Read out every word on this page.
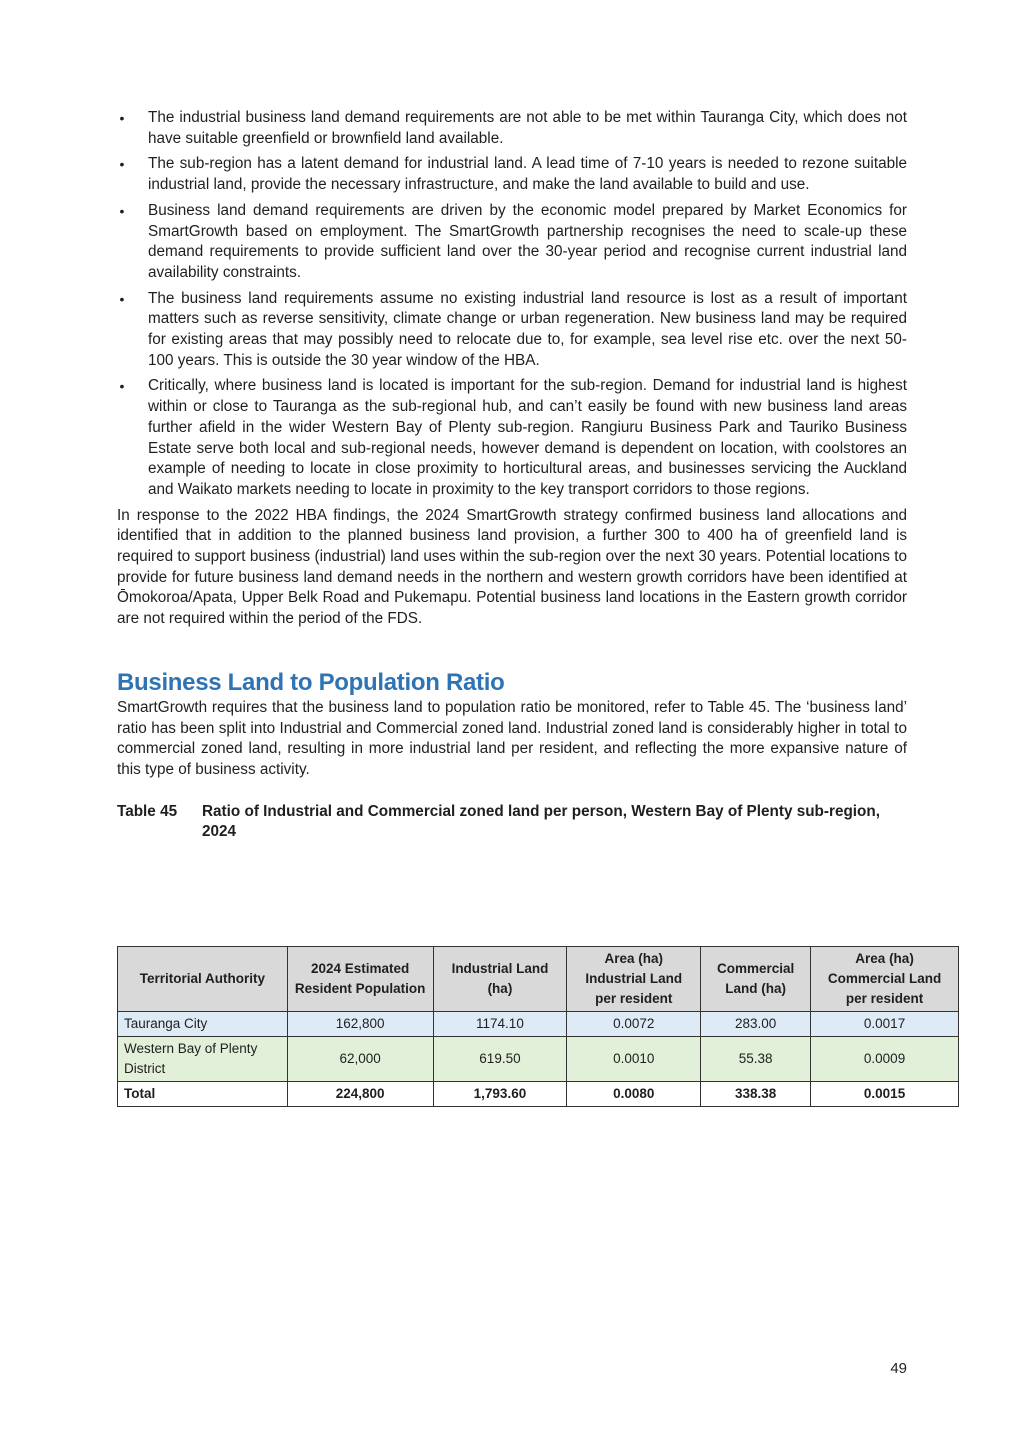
• The industrial business land demand requirements are not able to be met within Tauranga City, which does not have suitable greenfield or brownfield land available.
• The sub-region has a latent demand for industrial land. A lead time of 7-10 years is needed to rezone suitable industrial land, provide the necessary infrastructure, and make the land available to build and use.
• Business land demand requirements are driven by the economic model prepared by Market Economics for SmartGrowth based on employment. The SmartGrowth partnership recognises the need to scale-up these demand requirements to provide sufficient land over the 30-year period and recognise current industrial land availability constraints.
• The business land requirements assume no existing industrial land resource is lost as a result of important matters such as reverse sensitivity, climate change or urban regeneration. New business land may be required for existing areas that may possibly need to relocate due to, for example, sea level rise etc. over the next 50-100 years. This is outside the 30 year window of the HBA.
• Critically, where business land is located is important for the sub-region. Demand for industrial land is highest within or close to Tauranga as the sub-regional hub, and can’t easily be found with new business land areas further afield in the wider Western Bay of Plenty sub-region. Rangiuru Business Park and Tauriko Business Estate serve both local and sub-regional needs, however demand is dependent on location, with coolstores an example of needing to locate in close proximity to horticultural areas, and businesses servicing the Auckland and Waikato markets needing to locate in proximity to the key transport corridors to those regions.

In response to the 2022 HBA findings, the 2024 SmartGrowth strategy confirmed business land allocations and identified that in addition to the planned business land provision, a further 300 to 400 ha of greenfield land is required to support business (industrial) land uses within the sub-region over the next 30 years. Potential locations to provide for future business land demand needs in the northern and western growth corridors have been identified at Ōmokoroa/Apata, Upper Belk Road and Pukemapu. Potential business land locations in the Eastern growth corridor are not required within the period of the FDS.

Business Land to Population Ratio

SmartGrowth requires that the business land to population ratio be monitored, refer to Table 45. The ‘business land’ ratio has been split into Industrial and Commercial zoned land. Industrial zoned land is considerably higher in total to commercial zoned land, resulting in more industrial land per resident, and reflecting the more expansive nature of this type of business activity.

Table 45	Ratio of Industrial and Commercial zoned land per person, Western Bay of Plenty sub-region, 2024
Territorial Authority	2024 Estimated Resident Population	Industrial Land (ha)	Area (ha) Industrial Land per resident	Commercial Land (ha)	Area (ha) Commercial Land per resident
Tauranga City	162,800	1174.10	0.0072	283.00	0.0017
Western Bay of Plenty District	62,000	619.50	0.0010	55.38	0.0009
Total	224,800	1,793.60	0.0080	338.38	0.0015
49
